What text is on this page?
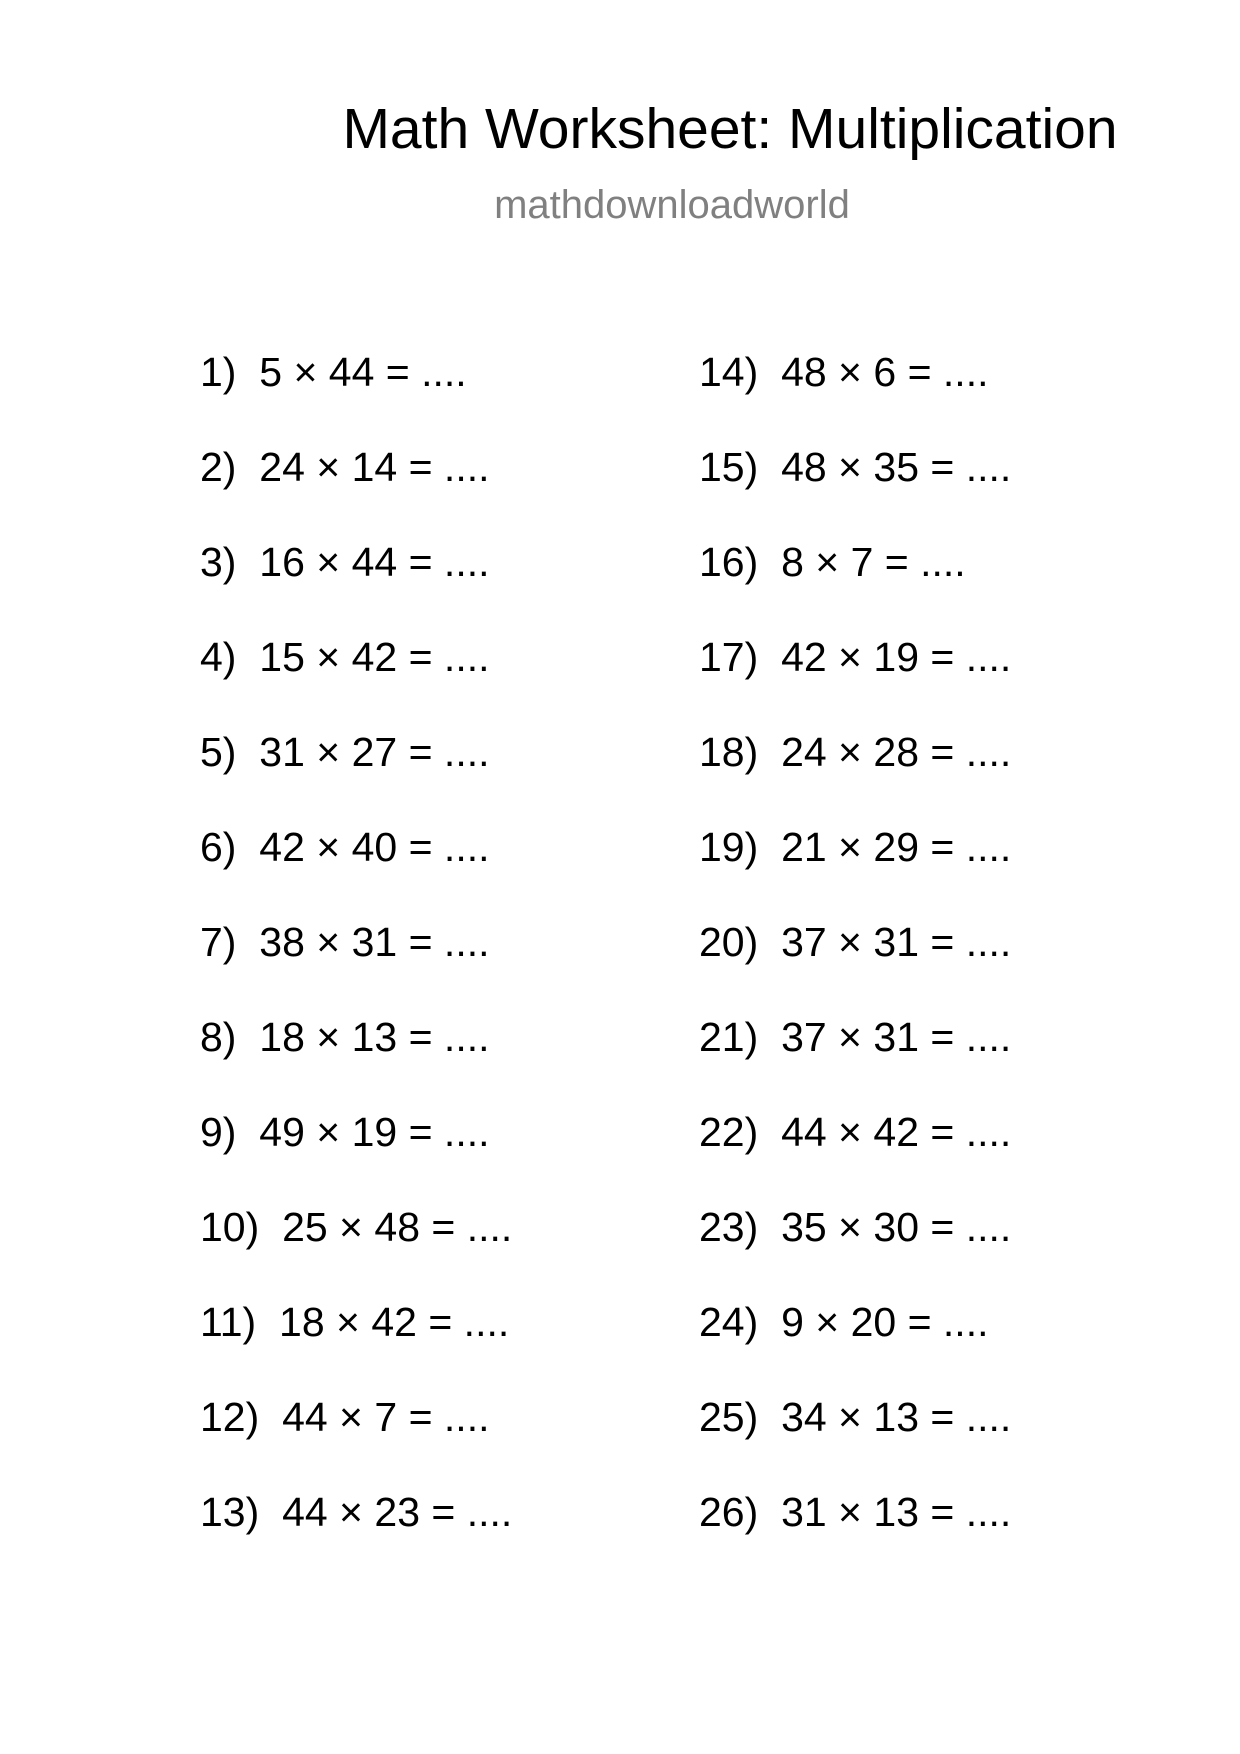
Math Worksheet: Multiplication
mathdownloadworld
1) 5 × 44 = ....
2) 24 × 14 = ....
3) 16 × 44 = ....
4) 15 × 42 = ....
5) 31 × 27 = ....
6) 42 × 40 = ....
7) 38 × 31 = ....
8) 18 × 13 = ....
9) 49 × 19 = ....
10) 25 × 48 = ....
11) 18 × 42 = ....
12) 44 × 7 = ....
13) 44 × 23 = ....
14) 48 × 6 = ....
15) 48 × 35 = ....
16) 8 × 7 = ....
17) 42 × 19 = ....
18) 24 × 28 = ....
19) 21 × 29 = ....
20) 37 × 31 = ....
21) 37 × 31 = ....
22) 44 × 42 = ....
23) 35 × 30 = ....
24) 9 × 20 = ....
25) 34 × 13 = ....
26) 31 × 13 = ....
